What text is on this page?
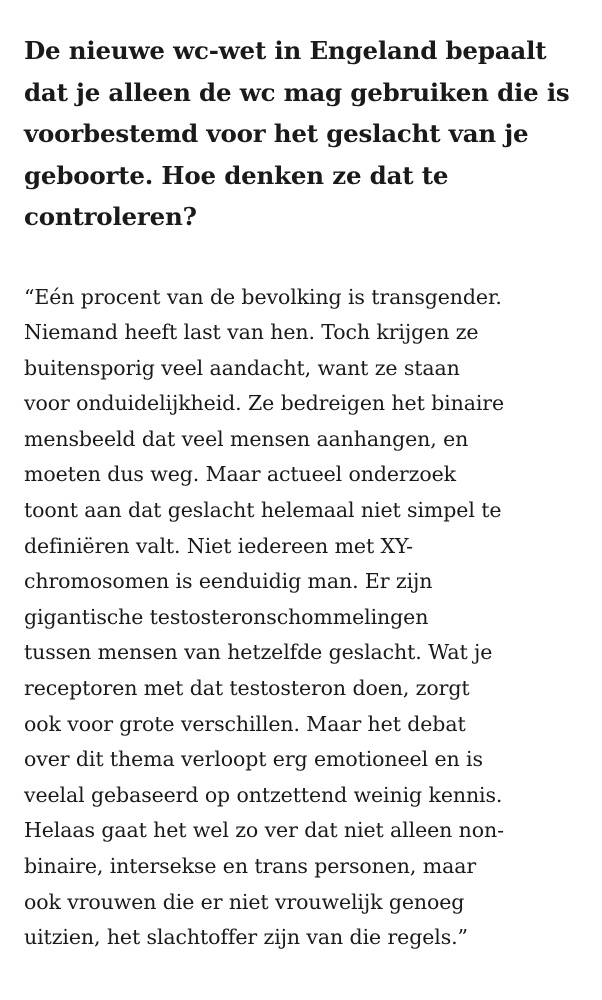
De nieuwe wc-wet in Engeland bepaalt
dat je alleen de wc mag gebruiken die is
voorbestemd voor het geslacht van je
geboorte. Hoe denken ze dat te
controleren?

“Eén procent van de bevolking is transgender.
Niemand heeft last van hen. Toch krijgen ze
buitensporig veel aandacht, want ze staan
voor onduidelijkheid. Ze bedreigen het binaire
mensbeeld dat veel mensen aanhangen, en
moeten dus weg. Maar actueel onderzoek
toont aan dat geslacht helemaal niet simpel te
definiëren valt. Niet iedereen met XY-
chromosomen is eenduidig man. Er zijn
gigantische testosteronschommelingen
tussen mensen van hetzelfde geslacht. Wat je
receptoren met dat testosteron doen, zorgt
ook voor grote verschillen. Maar het debat
over dit thema verloopt erg emotioneel en is
veelal gebaseerd op ontzettend weinig kennis.
Helaas gaat het wel zo ver dat niet alleen non-
binaire, intersekse en trans personen, maar
ook vrouwen die er niet vrouwelijk genoeg
uitzien, het slachtoffer zijn van die regels.”
